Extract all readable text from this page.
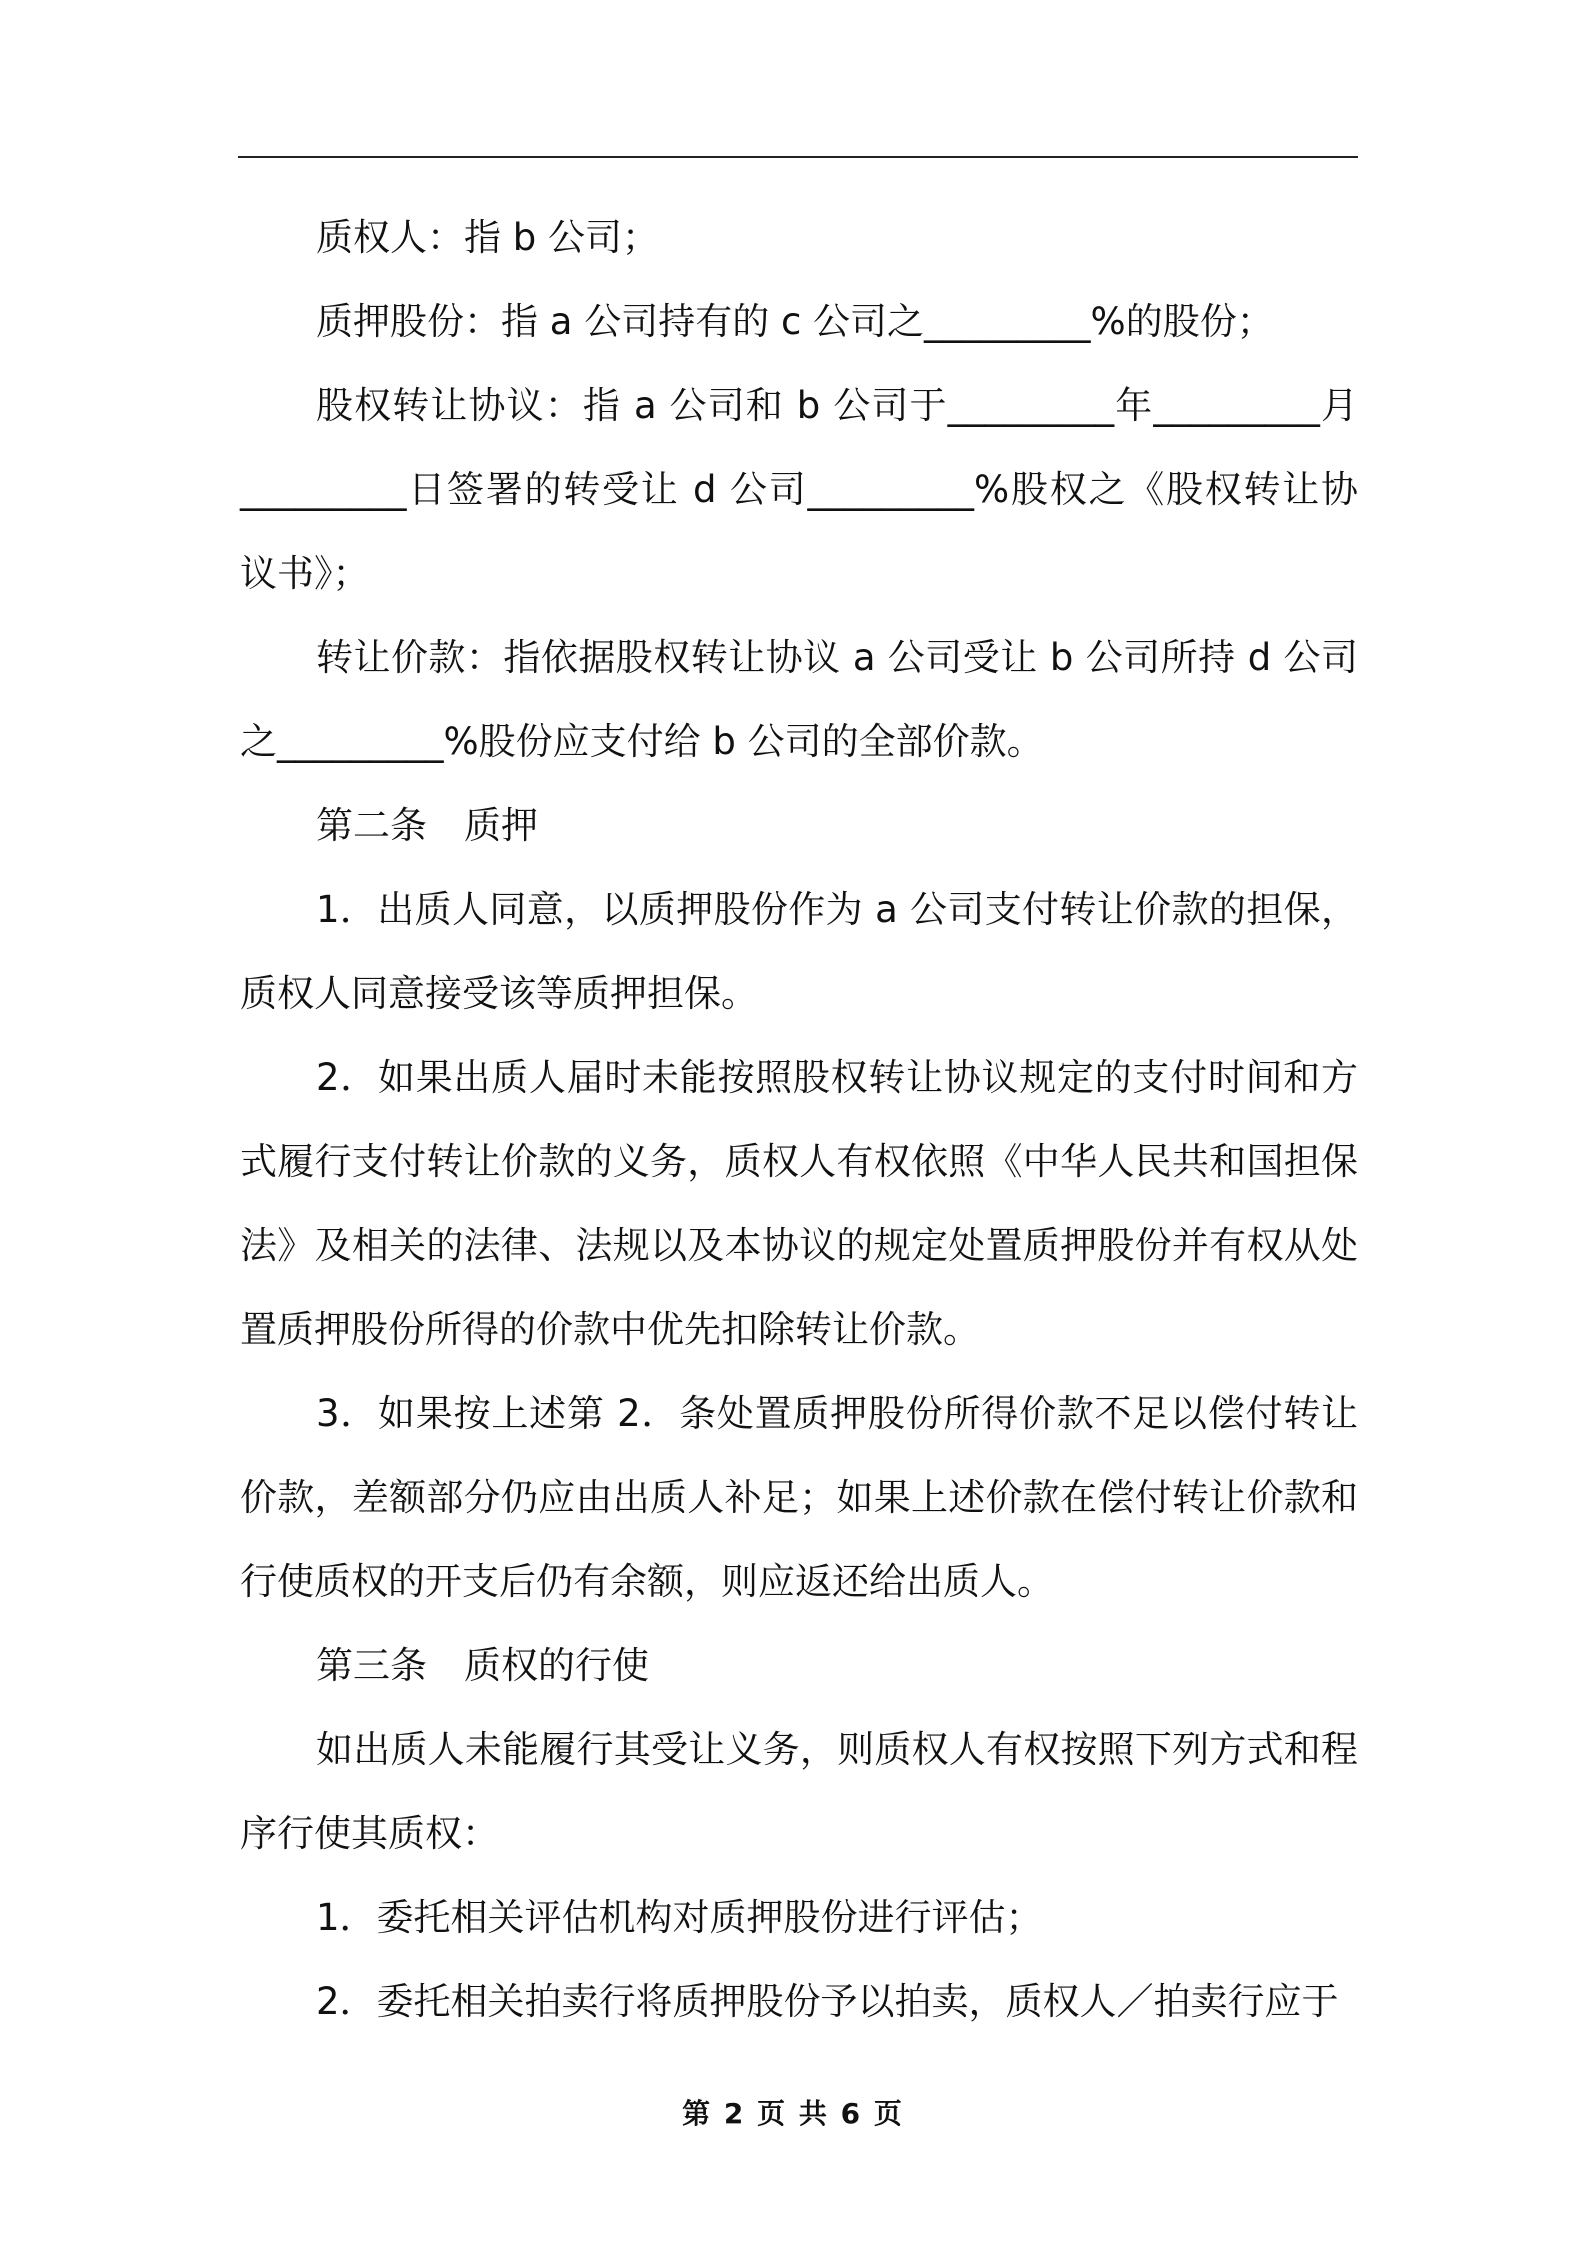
质权人：指 b 公司；

质押股份：指 a 公司持有的 c 公司之_________%的股份；

股权转让协议：指 a 公司和 b 公司于_________年_________月_________日签署的转受让 d 公司_________%股权之《股权转让协议书》；

转让价款：指依据股权转让协议 a 公司受让 b 公司所持 d 公司之_________%股份应支付给 b 公司的全部价款。

第二条　质押

1．出质人同意，以质押股份作为 a 公司支付转让价款的担保，质权人同意接受该等质押担保。

2．如果出质人届时未能按照股权转让协议规定的支付时间和方式履行支付转让价款的义务，质权人有权依照《中华人民共和国担保法》及相关的法律、法规以及本协议的规定处置质押股份并有权从处置质押股份所得的价款中优先扣除转让价款。

3．如果按上述第 2．条处置质押股份所得价款不足以偿付转让价款，差额部分仍应由出质人补足；如果上述价款在偿付转让价款和行使质权的开支后仍有余额，则应返还给出质人。

第三条　质权的行使

如出质人未能履行其受让义务，则质权人有权按照下列方式和程序行使其质权：

1．委托相关评估机构对质押股份进行评估；

2．委托相关拍卖行将质押股份予以拍卖，质权人／拍卖行应于

第 2 页 共 6 页
